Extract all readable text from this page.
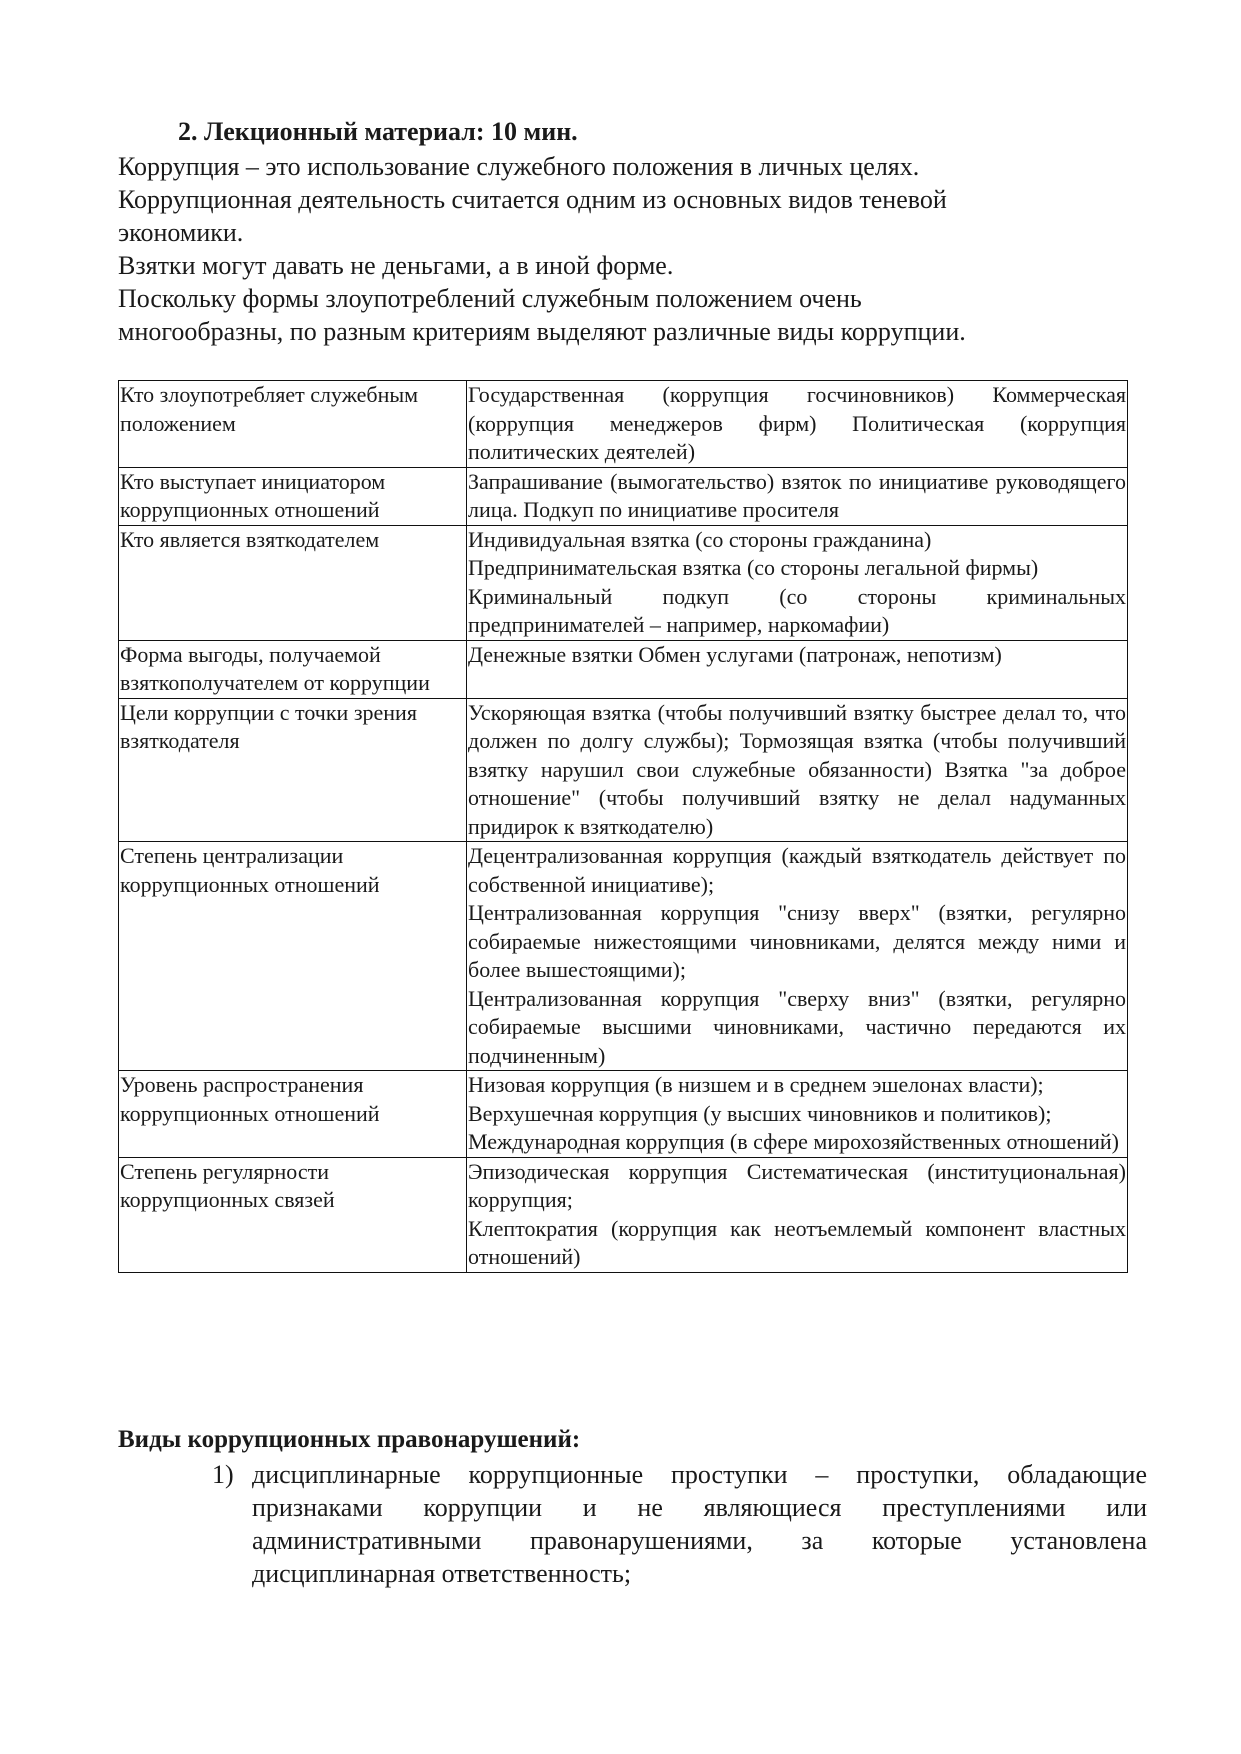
2. Лекционный материал: 10 мин.

Коррупция – это использование служебного положения в личных целях.

Коррупционная деятельность считается одним из основных видов теневой

экономики.

Взятки могут давать не деньгами, а в иной форме.

Поскольку формы злоупотреблений служебным положением очень

многообразны, по разным критериям выделяют различные виды коррупции.

Кто злоупотребляет служебным положением	Государственная (коррупция госчиновников) Коммерческая (коррупция менеджеров фирм) Политическая (коррупция политических деятелей)

Кто выступает инициатором коррупционных отношений	Запрашивание (вымогательство) взяток по инициативе руководящего лица. Подкуп по инициативе просителя

Кто является взяткодателем	Индивидуальная взятка (со стороны гражданина)
Предпринимательская взятка (со стороны легальной фирмы)
Криминальный подкуп (со стороны криминальных предпринимателей – например, наркомафии)

Форма выгоды, получаемой взяткополучателем от коррупции	Денежные взятки Обмен услугами (патронаж, непотизм)

Цели коррупции с точки зрения взяткодателя	Ускоряющая взятка (чтобы получивший взятку быстрее делал то, что должен по долгу службы); Тормозящая взятка (чтобы получивший взятку нарушил свои служебные обязанности) Взятка "за доброе отношение" (чтобы получивший взятку не делал надуманных придирок к взяткодателю)

Степень централизации коррупционных отношений	Децентрализованная коррупция (каждый взяткодатель действует по собственной инициативе);
Централизованная коррупция "снизу вверх" (взятки, регулярно собираемые нижестоящими чиновниками, делятся между ними и более вышестоящими);
Централизованная коррупция "сверху вниз" (взятки, регулярно собираемые высшими чиновниками, частично передаются их подчиненным)

Уровень распространения коррупционных отношений	Низовая коррупция (в низшем и в среднем эшелонах власти);
Верхушечная коррупция (у высших чиновников и политиков);
Международная коррупция (в сфере мирохозяйственных отношений)

Степень регулярности коррупционных связей	Эпизодическая коррупция Систематическая (институциональная) коррупция;
Клептократия (коррупция как неотъемлемый компонент властных отношений)
Виды коррупционных правонарушений:
1) дисциплинарные коррупционные проступки – проступки, обладающие признаками коррупции и не являющиеся преступлениями или административными правонарушениями, за которые установлена дисциплинарная ответственность;
